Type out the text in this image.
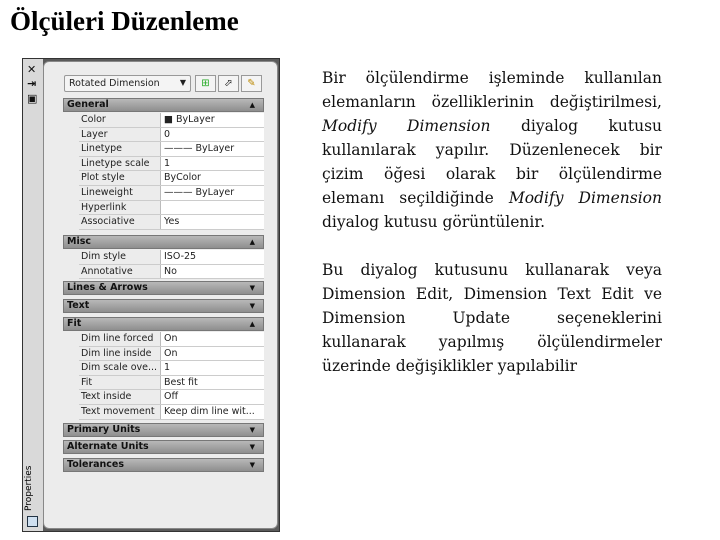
Ölçüleri Düzenleme
✕
⇥
▣
Properties
Rotated Dimension	▼	⊞	⬀	✎
General	▲
Color	■ ByLayer
Layer	0
Linetype	——— ByLayer
Linetype scale	1
Plot style	ByColor
Lineweight	——— ByLayer
Hyperlink
Associative	Yes
Misc	▲
Dim style	ISO-25
Annotative	No
Lines & Arrows	▼
Text	▼
Fit	▲
Dim line forced	On
Dim line inside	On
Dim scale ove... 1
Fit	Best fit
Text inside	Off
Text movement Keep dim line wit...
Primary Units	▼
Alternate Units	▼
Tolerances	▼

Bir ölçülendirme işleminde kullanılan elemanların özelliklerinin değiştirilmesi, Modify Dimension diyalog kutusu kullanılarak yapılır. Düzenlenecek bir çizim öğesi olarak bir ölçülendirme elemanı seçildiğinde Modify Dimension diyalog kutusu görüntülenir.

Bu diyalog kutusunu kullanarak veya Dimension Edit, Dimension Text Edit ve Dimension Update seçeneklerini kullanarak yapılmış ölçülendirmeler üzerinde değişiklikler yapılabilir
